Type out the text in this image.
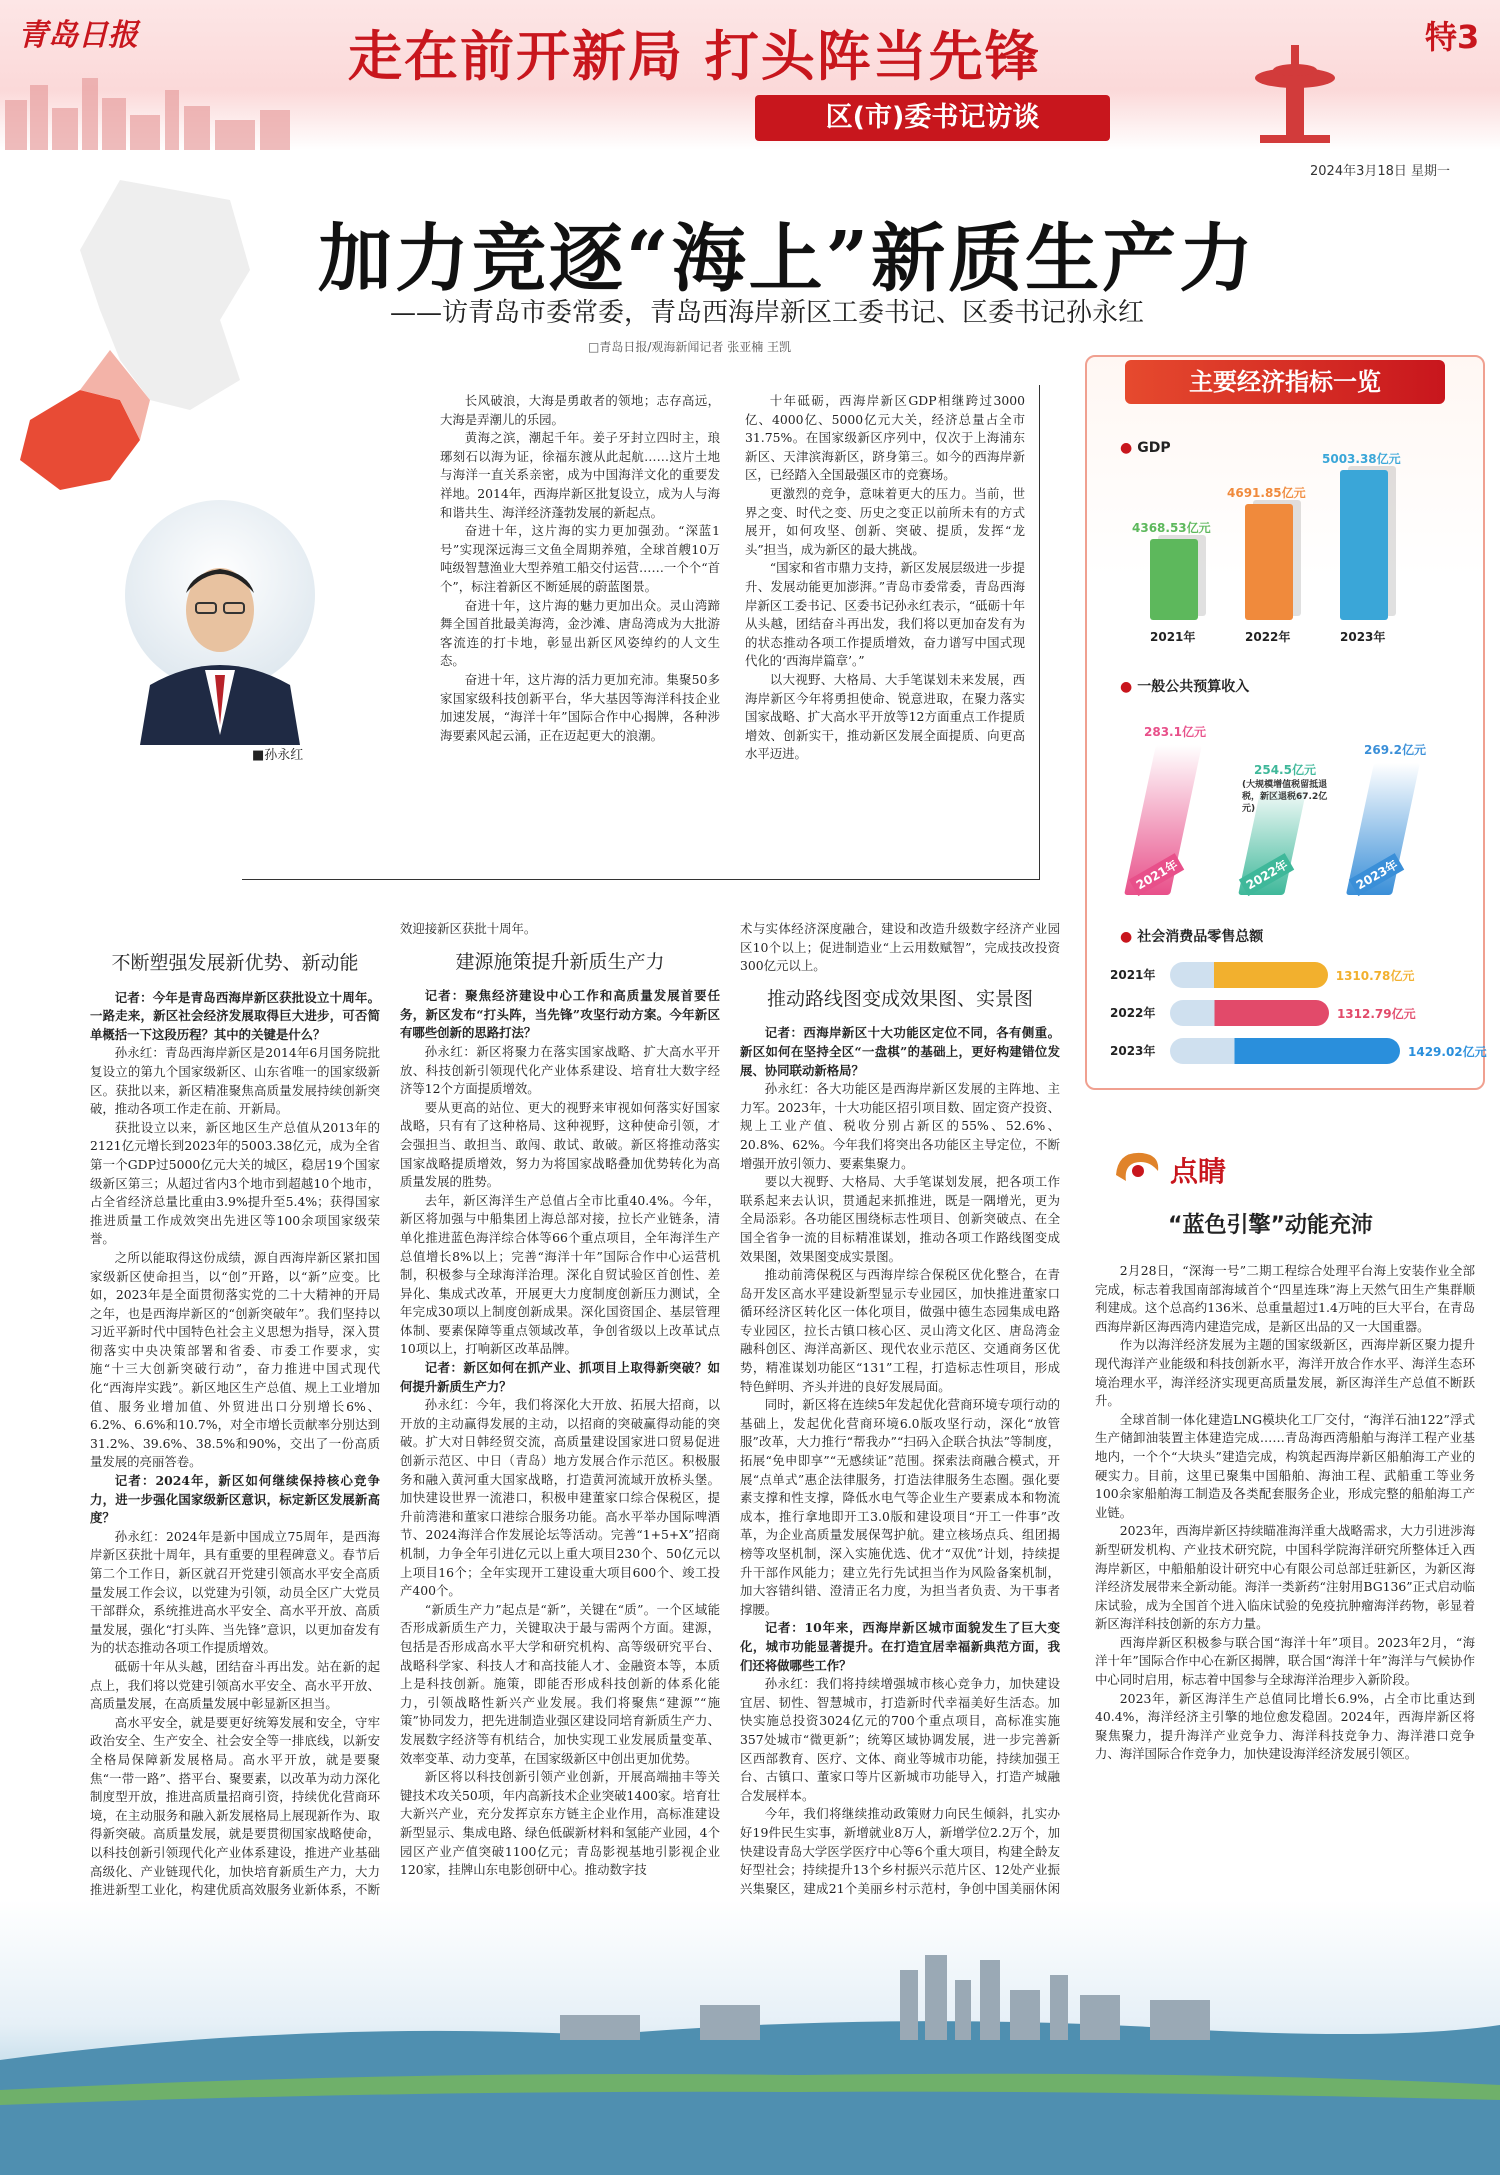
青岛日报	走在前开新局 打头阵当先锋
区(市)委书记访谈
特3
2024年3月18日 星期一
加力竞逐“海上”新质生产力
——访青岛市委常委，青岛西海岸新区工委书记、区委书记孙永红
□青岛日报/观海新闻记者 张亚楠 王凯
■孙永红

长风破浪，大海是勇敢者的领地；志存高远，大海是弄潮儿的乐园。

黄海之滨，潮起千年。姜子牙封立四时主，琅琊刻石以海为证，徐福东渡从此起航……这片土地与海洋一直关系亲密，成为中国海洋文化的重要发祥地。2014年，西海岸新区批复设立，成为人与海和谐共生、海洋经济蓬勃发展的新起点。

奋进十年，这片海的实力更加强劲。“深蓝1号”实现深远海三文鱼全周期养殖，全球首艘10万吨级智慧渔业大型养殖工船交付运营……一个个“首个”，标注着新区不断延展的蔚蓝图景。

奋进十年，这片海的魅力更加出众。灵山湾蹄舞全国首批最美海湾，金沙滩、唐岛湾成为大批游客流连的打卡地，彰显出新区风姿绰约的人文生态。

奋进十年，这片海的活力更加充沛。集聚50多家国家级科技创新平台，华大基因等海洋科技企业加速发展，“海洋十年”国际合作中心揭牌，各种涉海要素风起云涌，正在迈起更大的浪潮。

十年砥砺，西海岸新区GDP相继跨过3000亿、4000亿、5000亿元大关，经济总量占全市31.75%。在国家级新区序列中，仅次于上海浦东新区、天津滨海新区，跻身第三。如今的西海岸新区，已经踏入全国最强区市的竞赛场。

更激烈的竞争，意味着更大的压力。当前，世界之变、时代之变、历史之变正以前所未有的方式展开，如何攻坚、创新、突破、提质，发挥“龙头”担当，成为新区的最大挑战。

“国家和省市鼎力支持，新区发展层级进一步提升、发展动能更加澎湃。”青岛市委常委，青岛西海岸新区工委书记、区委书记孙永红表示，“砥砺十年从头越，团结奋斗再出发，我们将以更加奋发有为的状态推动各项工作提质增效，奋力谱写中国式现代化的‘西海岸篇章’。”

以大视野、大格局、大手笔谋划未来发展，西海岸新区今年将勇担使命、锐意进取，在聚力落实国家战略、扩大高水平开放等12方面重点工作提质增效、创新实干，推动新区发展全面提质、向更高水平迈进。

不断塑强发展新优势、新动能

记者：今年是青岛西海岸新区获批设立十周年。一路走来，新区社会经济发展取得巨大进步，可否简单概括一下这段历程？其中的关键是什么？

孙永红：青岛西海岸新区是2014年6月国务院批复设立的第九个国家级新区、山东省唯一的国家级新区。获批以来，新区精准聚焦高质量发展持续创新突破，推动各项工作走在前、开新局。

获批设立以来，新区地区生产总值从2013年的2121亿元增长到2023年的5003.38亿元，成为全省第一个GDP过5000亿元大关的城区，稳居19个国家级新区第三；从超过省内3个地市到超越10个地市，占全省经济总量比重由3.9%提升至5.4%；获得国家推进质量工作成效突出先进区等100余项国家级荣誉。

之所以能取得这份成绩，源自西海岸新区紧扣国家级新区使命担当，以“创”开路，以“新”应变。比如，2023年是全面贯彻落实党的二十大精神的开局之年，也是西海岸新区的“创新突破年”。我们坚持以习近平新时代中国特色社会主义思想为指导，深入贯彻落实中央决策部署和省委、市委工作要求，实施“十三大创新突破行动”，奋力推进中国式现代化“西海岸实践”。新区地区生产总值、规上工业增加值、服务业增加值、外贸进出口分别增长6%、6.2%、6.6%和10.7%，对全市增长贡献率分别达到31.2%、39.6%、38.5%和90%，交出了一份高质量发展的亮丽答卷。

记者：2024年，新区如何继续保持核心竞争力，进一步强化国家级新区意识，标定新区发展新高度？

孙永红：2024年是新中国成立75周年，是西海岸新区获批十周年，具有重要的里程碑意义。春节后第二个工作日，新区就召开党建引领高水平安全高质量发展工作会议，以党建为引领，动员全区广大党员干部群众，系统推进高水平安全、高水平开放、高质量发展，强化“打头阵、当先锋”意识，以更加奋发有为的状态推动各项工作提质增效。

砥砺十年从头越，团结奋斗再出发。站在新的起点上，我们将以党建引领高水平安全、高水平开放、高质量发展，在高质量发展中彰显新区担当。

高水平安全，就是要更好统筹发展和安全，守牢政治安全、生产安全、社会安全等一排底线，以新安全格局保障新发展格局。高水平开放，就是要聚焦“一带一路”、搭平台、聚要素，以改革为动力深化制度型开放，推进高质量招商引资，持续优化营商环境，在主动服务和融入新发展格局上展现新作为、取得新突破。高质量发展，就是要贯彻国家战略使命，以科技创新引领现代化产业体系建设，推进产业基础高级化、产业链现代化，加快培育新质生产力，大力推进新型工业化，构建优质高效服务业新体系，不断

效迎接新区获批十周年。

建源施策提升新质生产力

记者：聚焦经济建设中心工作和高质量发展首要任务，新区发布“打头阵，当先锋”攻坚行动方案。今年新区有哪些创新的思路打法？

孙永红：新区将聚力在落实国家战略、扩大高水平开放、科技创新引领现代化产业体系建设、培育壮大数字经济等12个方面提质增效。

要从更高的站位、更大的视野来审视如何落实好国家战略，只有有了这种格局、这种视野，这种使命引领，才会强担当、敢担当、敢闯、敢试、敢破。新区将推动落实国家战略提质增效，努力为将国家战略叠加优势转化为高质量发展的胜势。

去年，新区海洋生产总值占全市比重40.4%。今年，新区将加强与中船集团上海总部对接，拉长产业链条，清单化推进蓝色海洋综合体等66个重点项目，全年海洋生产总值增长8%以上；完善“海洋十年”国际合作中心运营机制，积极参与全球海洋治理。深化自贸试验区首创性、差异化、集成式改革，开展更大力度制度创新压力测试，全年完成30项以上制度创新成果。深化国资国企、基层管理体制、要素保障等重点领域改革，争创省级以上改革试点10项以上，打响新区改革品牌。

记者：新区如何在抓产业、抓项目上取得新突破？如何提升新质生产力？

孙永红：今年，我们将深化大开放、拓展大招商，以开放的主动赢得发展的主动，以招商的突破赢得动能的突破。扩大对日韩经贸交流，高质量建设国家进口贸易促进创新示范区、中日（青岛）地方发展合作示范区。积极服务和融入黄河重大国家战略，打造黄河流域开放桥头堡。加快建设世界一流港口，积极申建董家口综合保税区，提升前湾港和董家口港综合服务功能。高水平举办国际啤酒节、2024海洋合作发展论坛等活动。完善“1+5+X”招商机制，力争全年引进亿元以上重大项目230个、50亿元以上项目16个；全年实现开工建设重大项目600个、竣工投产400个。

“新质生产力”起点是“新”，关键在“质”。一个区域能否形成新质生产力，关键取决于最与需两个方面。建源，包括是否形成高水平大学和研究机构、高等级研究平台、战略科学家、科技人才和高技能人才、金融资本等，本质上是科技创新。施策，即能否形成科技创新的体系化能力，引领战略性新兴产业发展。我们将聚焦“建源”“施策”协同发力，把先进制造业强区建设同培育新质生产力、发展数字经济等有机结合，加快实现工业发展质量变革、效率变革、动力变革，在国家级新区中创出更加优势。

新区将以科技创新引领产业创新，开展高端抽丰等关键技术攻关50项，年内高新技术企业突破1400家。培育壮大新兴产业，充分发挥京东方链主企业作用，高标准建设新型显示、集成电路、绿色低碳新材料和氢能产业园，4个园区产业产值突破1100亿元；青岛影视基地引影视企业120家，挂牌山东电影创研中心。推动数字技

术与实体经济深度融合，建设和改造升级数字经济产业园区10个以上；促进制造业“上云用数赋智”，完成技改投资300亿元以上。

推动路线图变成效果图、实景图

记者：西海岸新区十大功能区定位不同，各有侧重。新区如何在坚持全区“一盘棋”的基础上，更好构建错位发展、协同联动新格局？

孙永红：各大功能区是西海岸新区发展的主阵地、主力军。2023年，十大功能区招引项目数、固定资产投资、规上工业产值、税收分别占新区的55%、52.6%、20.8%、62%。今年我们将突出各功能区主导定位，不断增强开放引领力、要素集聚力。

要以大视野、大格局、大手笔谋划发展，把各项工作联系起来去认识，贯通起来抓推进，既是一隅增光，更为全局添彩。各功能区围绕标志性项目、创新突破点、在全国全省争一流的目标精准谋划，推动各项工作路线图变成效果图，效果图变成实景图。

推动前湾保税区与西海岸综合保税区优化整合，在青岛开发区高水平建设新型显示专业园区，加快推进董家口循环经济区转化区一体化项目，做强中德生态园集成电路专业园区，拉长古镇口核心区、灵山湾文化区、唐岛湾金融科创区、海洋高新区、现代农业示范区、交通商务区优势，精准谋划功能区“131”工程，打造标志性项目，形成特色鲜明、齐头并进的良好发展局面。

同时，新区将在连续5年发起优化营商环境专项行动的基础上，发起优化营商环境6.0版攻坚行动，深化“放管服”改革，大力推行“帮我办”“扫码入企联合执法”等制度，拓展“免申即享”“无感续证”范围。探索法商融合模式，开展“点单式”惠企法律服务，打造法律服务生态圈。强化要素支撑和性支撑，降低水电气等企业生产要素成本和物流成本，推行拿地即开工3.0版和建设项目“开工一件事”改革，为企业高质量发展保驾护航。建立核场点兵、组团揭榜等攻坚机制，深入实施优选、优才“双优”计划，持续提升干部作风能力；建立先行先试担当作为风险备案机制，加大容错纠错、澄清正名力度，为担当者负责、为干事者撑腰。

记者：10年来，西海岸新区城市面貌发生了巨大变化，城市功能显著提升。在打造宜居幸福新典范方面，我们还将做哪些工作？

孙永红：我们将持续增强城市核心竞争力，加快建设宜居、韧性、智慧城市，打造新时代幸福美好生活态。加快实施总投资3024亿元的700个重点项目，高标准实施357处城市“微更新”；统筹区域协调发展，进一步完善新区西部教育、医疗、文体、商业等城市功能，持续加强王台、古镇口、董家口等片区新城市功能导入，打造产城融合发展样本。

今年，我们将继续推动政策财力向民生倾斜，扎实办好19件民生实事，新增就业8万人，新增学位2.2万个，加快建设青岛大学医学医疗中心等6个重大项目，构建全龄友好型社会；持续提升13个乡村振兴示范片区、12处产业振兴集聚区，建成21个美丽乡村示范村，争创中国美丽休闲

主要经济指标一览
● GDP
4368.53亿元
2021年
4691.85亿元
2022年
5003.38亿元
2023年
● 一般公共预算收入
2021年
283.1亿元
2022年
254.5亿元
(大规模增值税留抵退税，新区退税67.2亿元)
2023年
269.2亿元
● 社会消费品零售总额
2021年	1310.78亿元
2022年	1312.79亿元
2023年	1429.02亿元
点睛
“蓝色引擎”动能充沛

2月28日，“深海一号”二期工程综合处理平台海上安装作业全部完成，标志着我国南部海域首个“四星连珠”海上天然气田生产集群顺利建成。这个总高约136米、总重量超过1.4万吨的巨大平台，在青岛西海岸新区海西湾内建造完成，是新区出品的又一大国重器。

作为以海洋经济发展为主题的国家级新区，西海岸新区聚力提升现代海洋产业能级和科技创新水平，海洋开放合作水平、海洋生态环境治理水平，海洋经济实现更高质量发展，新区海洋生产总值不断跃升。

全球首制一体化建造LNG模块化工厂交付，“海洋石油122”浮式生产储卸油装置主体建造完成……青岛海西湾船舶与海洋工程产业基地内，一个个“大块头”建造完成，构筑起西海岸新区船舶海工产业的硬实力。目前，这里已聚集中国船舶、海油工程、武船重工等业务100余家船舶海工制造及各类配套服务企业，形成完整的船舶海工产业链。

2023年，西海岸新区持续瞄准海洋重大战略需求，大力引进涉海新型研发机构、产业技术研究院，中国科学院海洋研究所整体迁入西海岸新区，中船船舶设计研究中心有限公司总部迁驻新区，为新区海洋经济发展带来全新动能。海洋一类新药“注射用BG136”正式启动临床试验，成为全国首个进入临床试验的免疫抗肿瘤海洋药物，彰显着新区海洋科技创新的东方力量。

西海岸新区积极参与联合国“海洋十年”项目。2023年2月，“海洋十年”国际合作中心在新区揭牌，联合国“海洋十年”海洋与气候协作中心同时启用，标志着中国参与全球海洋治理步入新阶段。

2023年，新区海洋生产总值同比增长6.9%，占全市比重达到40.4%，海洋经济主引擎的地位愈发稳固。2024年，西海岸新区将聚焦聚力，提升海洋产业竞争力、海洋科技竞争力、海洋港口竞争力、海洋国际合作竞争力，加快建设海洋经济发展引领区。
